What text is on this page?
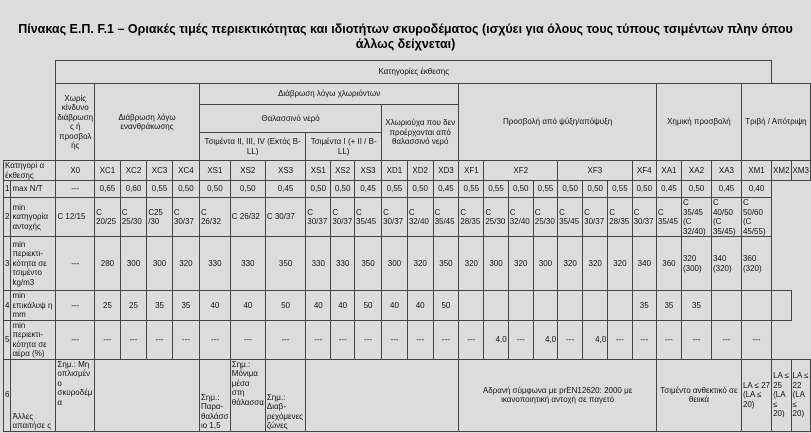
Πίνακας Ε.Π. F.1 – Οριακές τιμές περιεκτικότητας και ιδιοτήτων σκυροδέματος (ισχύει για όλους τους τύπους τσιμέντων πλην όπου άλλως δείχνεται)
		Κατηγορίες έκθεσης																											
		Χωρίς κίνδυνο διάβρωση ς ή προσβολ ής	Διάβρωση λόγω ενανθράκωσης				Διάβρωση λόγω χλωριόντων									Προσβολή από ψύξη/απόψυξη								Χημική προσβολή			Τριβή / Απότριψη		
							Θαλασσινό νερό						Χλωριούχα που δεν προέρχονται από θαλασσινό νερό																
							Τσιμέντα ΙΙ, ΙΙΙ, IV (Εκτός Β-LL)			Τσιμέντα Ι (+ ΙΙ / Β-LL)																			
Κατηγορί α έκθεσης		X0	XC1	XC2	XC3	XC4	XS1	XS2	XS3	XS1	XS2	XS3	XD1	XD2	XD3	XF1	XF2			XF3			XF4	XA1	XA2	XA3	XM1	XM2	XM3
1	max N/T	---	0,65	0,60	0,55	0,50	0,50	0,50	0,45	0,50	0,50	0,45	0,55	0,50	0,45	0,55	0,55	0,50	0,55	0,50	0,50	0,55	0,50	0,45	0,50	0,45	0,40		
2	min κατηγορία αντοχής	C 12/15	C 20/25	C 25/30	C25 /30	C 30/37	C 26/32	C 26/32	C 30/37	C 30/37	C 30/37	C 35/45	C 30/37	C 32/40	C 35/45	C 28/35	C 25/30	C 32/40	C 25/30	C 35/45	C 30/37	C 28/35	C 30/37	C 35/45	C 35/45 (C 32/40)	C 40/50 (C 35/45)	C 50/60 (C 45/55)		
3	min περιεκτι-κότητα σε τσιμέντο kg/m3	---	280	300	300	320	330	330	350	330	330	350	300	320	350	320	300	320	300	320	320	320	340	360	320 (300)	340 (320)	360 (320)		
4	min επικάλυψ η mm	---	25	25	35	35	40	40	50	40	40	50	40	40	50								35	35	35				
5	min περιεκτι-κότητα σε αέρα (%)	---	---	---	---	---	---	---	---	---	---	---	---	---	---	---	4,0	---	4,0	---	4,0	---	---	---	---	---	---		
6	Άλλες απαιτήσε ς	Σημ.: Μη οπλισμέν ο σκυροδέμ α					Σημ.: Παρα-θαλάσσ ιο 1,5	Σημ.: Μόνιμα μέσα στη θάλασσα	Σημ.: Διαβ-ρεχόμενες ζώνες							Αδρανή σύμφωνα με prEN12620: 2000 με ικανοποιητική αντοχή σε παγετό								Τσιμέντο ανθεκτικό σε θειικά			LA ≤ 27 (LA ≤ 20)	LA ≤ 25 (LA ≤ 20)	LA ≤ 22 (LA ≤ 20)
